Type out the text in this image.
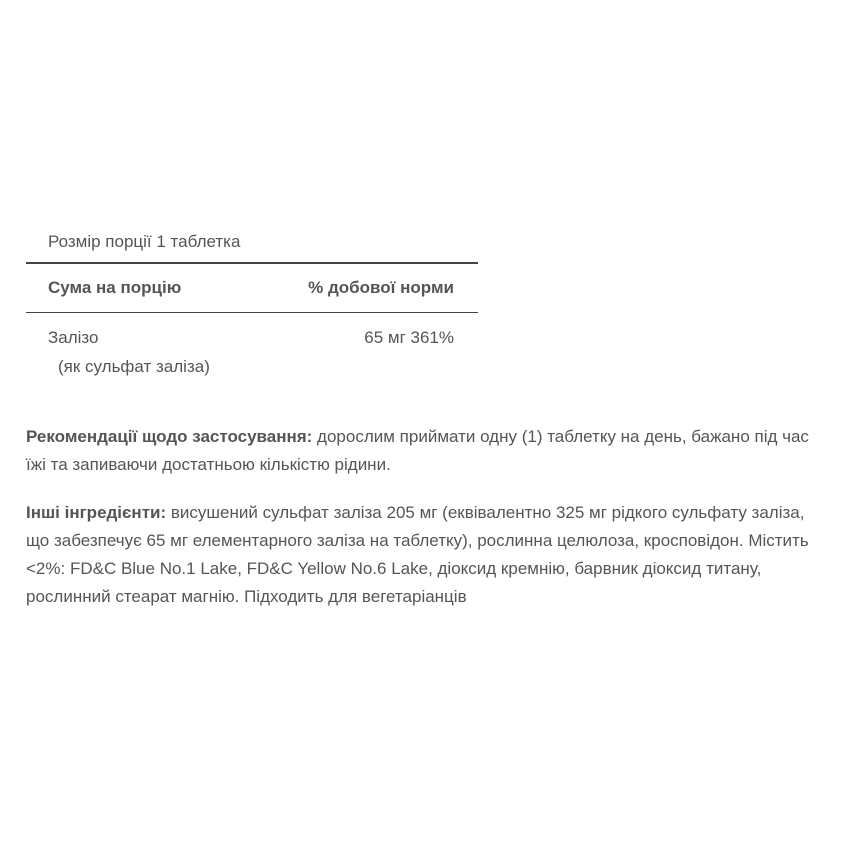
Розмір порції 1 таблетка
Сума на порцію	% добової норми
Залізо	65 мг 361%
(як сульфат заліза)
Рекомендації щодо застосування: дорослим приймати одну (1) таблетку на день, бажано під час їжі та запиваючи достатньою кількістю рідини.
Інші інгредієнти: висушений сульфат заліза 205 мг (еквівалентно 325 мг рідкого сульфату заліза, що забезпечує 65 мг елементарного заліза на таблетку), рослинна целюлоза, кросповідон. Містить <2%: FD&C Blue No.1 Lake, FD&C Yellow No.6 Lake, діоксид кремнію, барвник діоксид титану, рослинний стеарат магнію. Підходить для вегетаріанців
